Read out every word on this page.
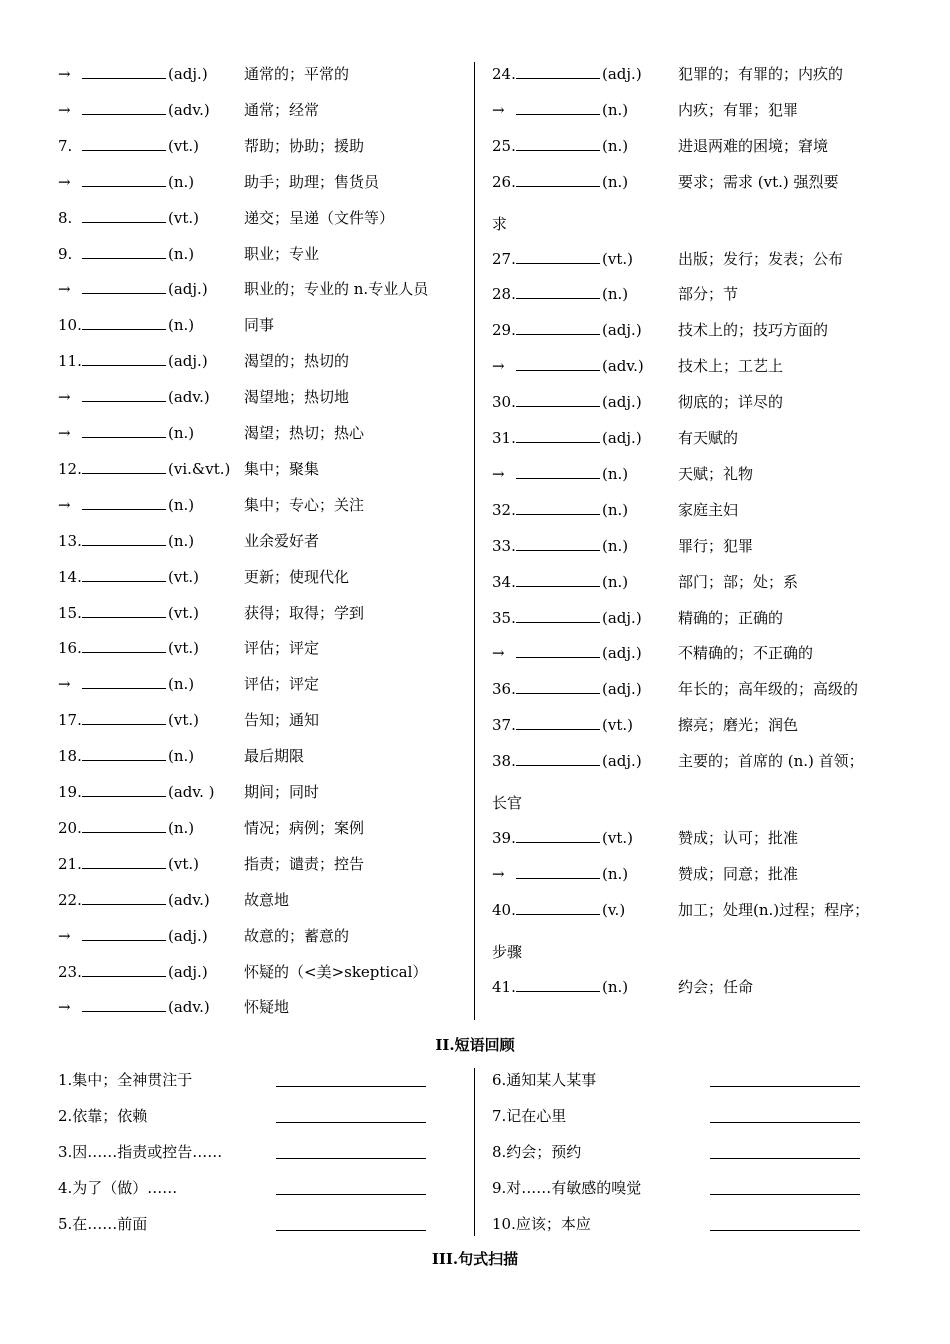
→	(adj.) 通常的；平常的
→	(adv.) 通常；经常
7.	(vt.)	帮助；协助；援助
→	(n.)	助手；助理；售货员
8.	(vt.)	递交；呈递（文件等）
9.	(n.)	职业；专业
→	(adj.) 职业的；专业的 n.专业人员
10.	(n.)	同事
11.	(adj.) 渴望的；热切的
→	(adv.) 渴望地；热切地
→	(n.)	渴望；热切；热心
12.	(vi.&vt.) 集中；聚集
→	(n.)	集中；专心；关注
13.	(n.)	业余爱好者
14.	(vt.)	更新；使现代化
15.	(vt.)	获得；取得；学到
16.	(vt.)	评估；评定
→	(n.)	评估；评定
17.	(vt.)	告知；通知
18.	(n.)	最后期限
19.	(adv. ) 期间；同时
20.	(n.)	情况；病例；案例
21.	(vt.)	指责；谴责；控告
22.	(adv.) 故意地
→	(adj.) 故意的；蓄意的
23.	(adj.) 怀疑的（<美>skeptical）
→	(adv.) 怀疑地
24.	(adj.) 犯罪的；有罪的；内疚的
→	(n.)	内疚；有罪；犯罪
25.	(n.)	进退两难的困境；窘境
26.	(n.)	要求；需求 (vt.) 强烈要
求
27.	(vt.)	出版；发行；发表；公布
28.	(n.)	部分；节
29.	(adj.) 技术上的；技巧方面的
→	(adv.) 技术上；工艺上
30.	(adj.) 彻底的；详尽的
31.	(adj.) 有天赋的
→	(n.)	天赋；礼物
32.	(n.)	家庭主妇
33.	(n.)	罪行；犯罪
34.	(n.)	部门；部；处；系
35.	(adj.) 精确的；正确的
→	(adj.) 不精确的；不正确的
36.	(adj.) 年长的；高年级的；高级的
37.	(vt.)	擦亮；磨光；润色
38.	(adj.) 主要的；首席的 (n.) 首领；
长官
39.	(vt.)	赞成；认可；批准
→	(n.)	赞成；同意；批准
40.	(v.)	加工；处理(n.)过程；程序；
步骤
41.	(n.)	约会；任命
II.短语回顾
1.集中；全神贯注于
2.依靠；依赖
3.因……指责或控告……
4.为了（做）……
5.在……前面
6.通知某人某事
7.记在心里
8.约会；预约
9.对……有敏感的嗅觉
10.应该；本应
III.句式扫描
